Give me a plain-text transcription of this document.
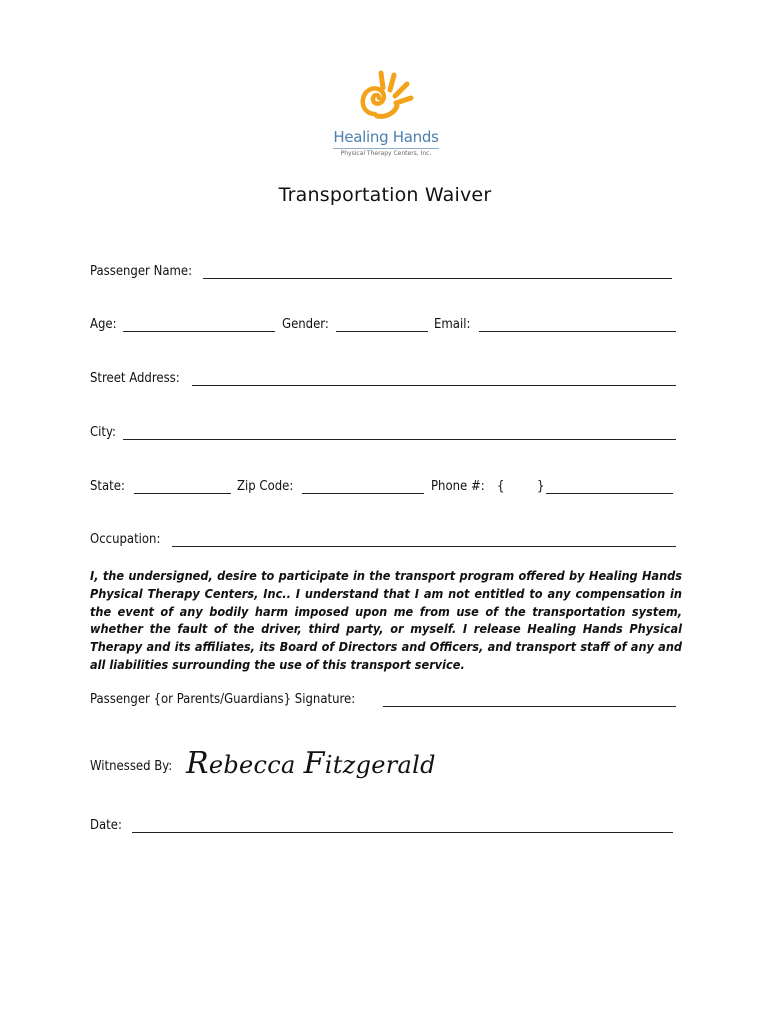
Healing Hands
Physical Therapy Centers, Inc.
Transportation Waiver
Passenger Name:
Age:	Gender:	Email:
Street Address:
City:
State:	Zip Code:	Phone #: {	}
Occupation:
I, the undersigned, desire to participate in the transport program offered by Healing Hands
Physical Therapy Centers, Inc.. I understand that I am not entitled to any compensation in
the event of any bodily harm imposed upon me from use of the transportation system,
whether the fault of the driver, third party, or myself. I release Healing Hands Physical
Therapy and its affiliates, its Board of Directors and Officers, and transport staff of any and
all liabilities surrounding the use of this transport service.
Passenger {or Parents/Guardians} Signature:
Witnessed By: Rebecca Fitzgerald
Date:
